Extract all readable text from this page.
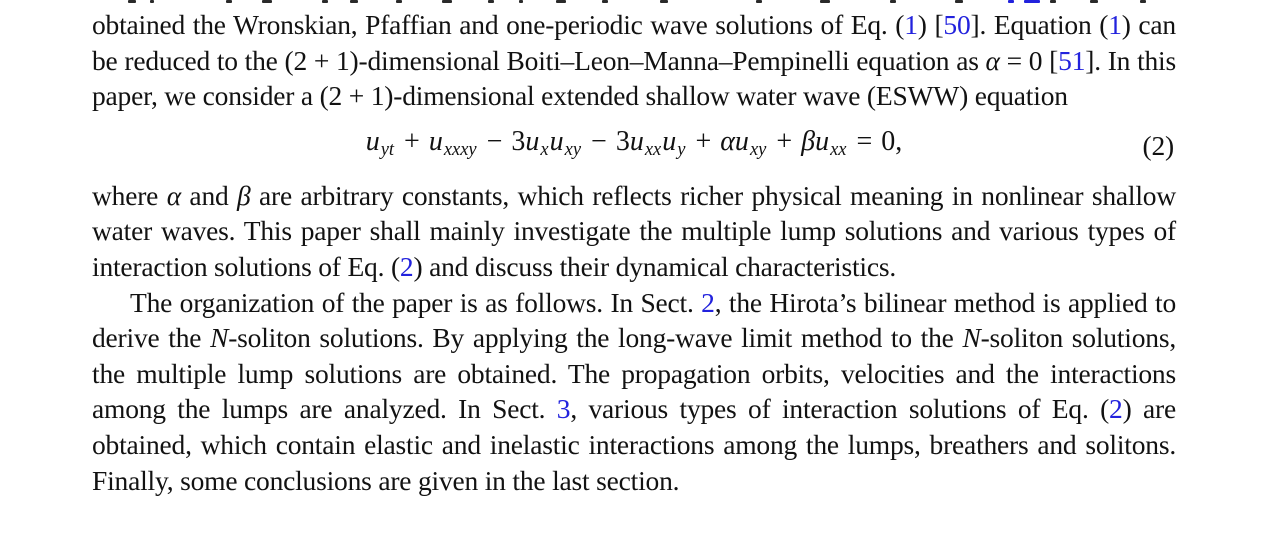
obtained the Wronskian, Pfaffian and one-periodic wave solutions of Eq. (1) [50]. Equation (1) can be reduced to the (2 + 1)-dimensional Boiti–Leon–Manna–Pempinelli equation as α = 0 [51]. In this paper, we consider a (2 + 1)-dimensional extended shallow water wave (ESWW) equation

uyt + uxxxy − 3uxuxy − 3uxxuy + αuxy + βuxx = 0,	(2)

where α and β are arbitrary constants, which reflects richer physical meaning in nonlinear shallow water waves. This paper shall mainly investigate the multiple lump solutions and various types of interaction solutions of Eq. (2) and discuss their dynamical characteristics.

The organization of the paper is as follows. In Sect. 2, the Hirota’s bilinear method is applied to derive the N-soliton solutions. By applying the long-wave limit method to the N-soliton solutions, the multiple lump solutions are obtained. The propagation orbits, velocities and the interactions among the lumps are analyzed. In Sect. 3, various types of interaction solutions of Eq. (2) are obtained, which contain elastic and inelastic interactions among the lumps, breathers and solitons. Finally, some conclusions are given in the last section.
